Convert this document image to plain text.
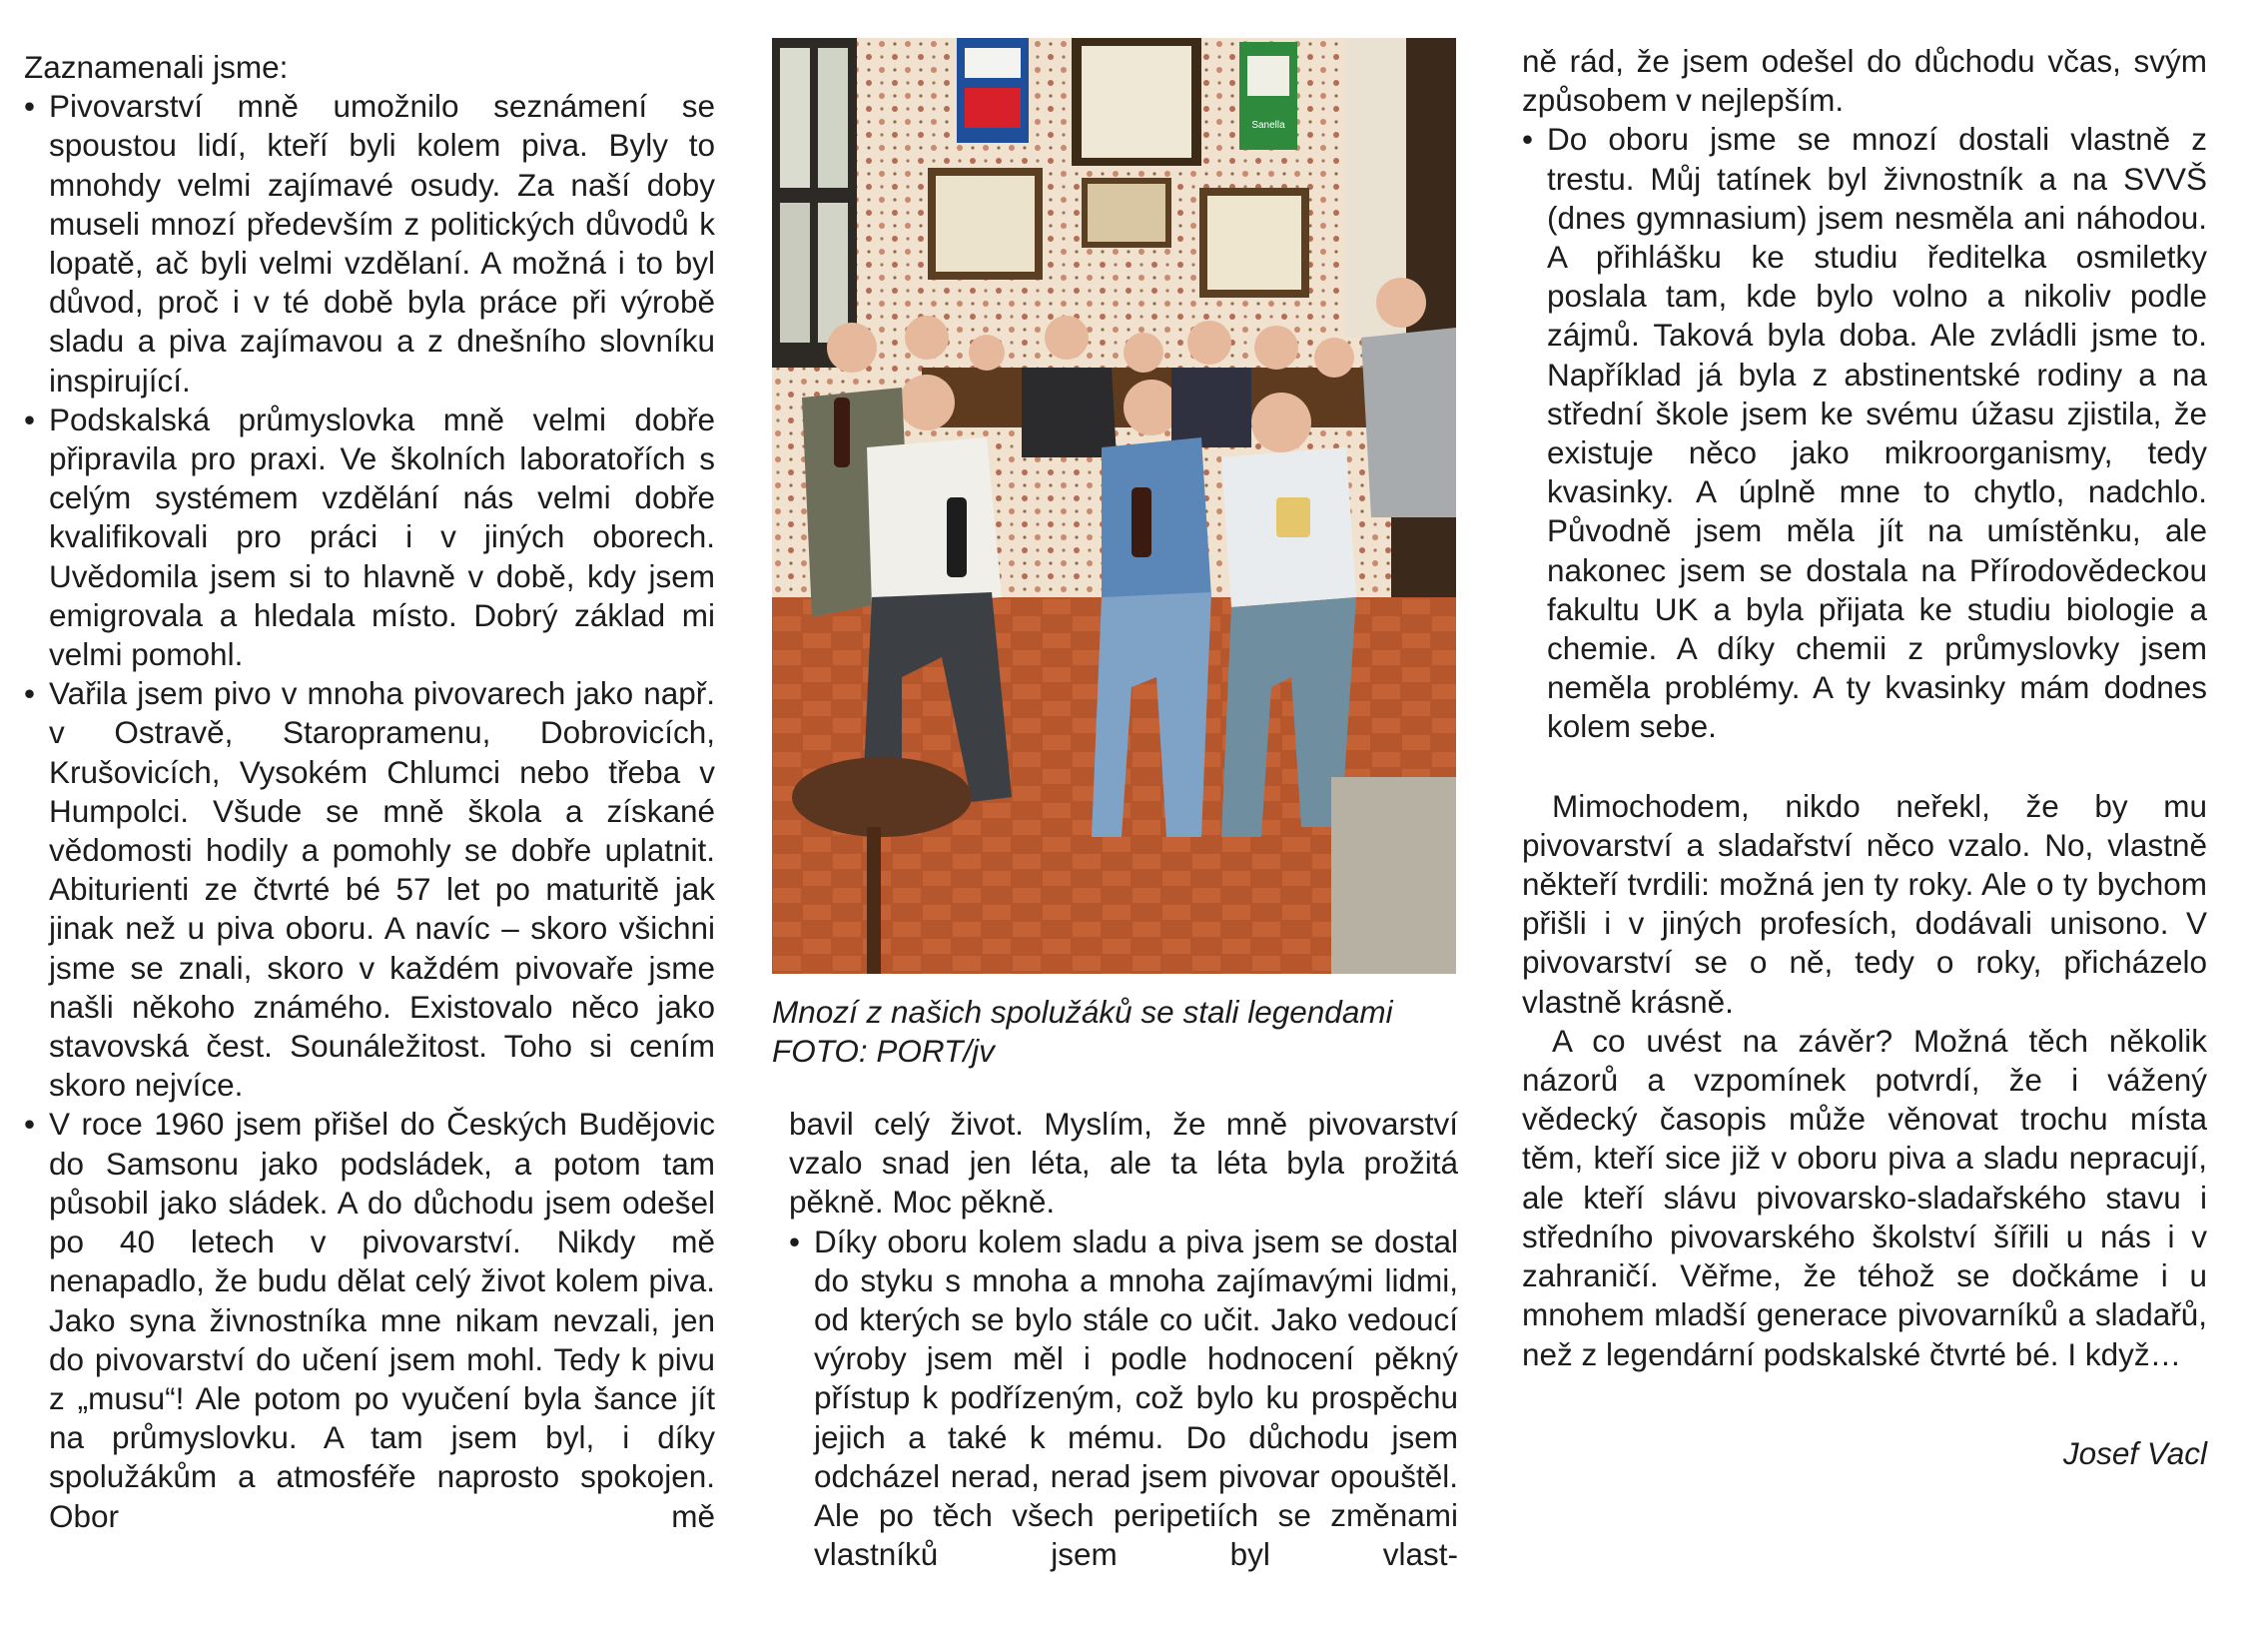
Zaznamenali jsme:

• Pivovarství mně umožnilo seznámení se spoustou lidí, kteří byli kolem piva. Byly to mnohdy velmi zajímavé osudy. Za naší doby museli mnozí především z politických důvodů k lopatě, ač byli velmi vzdělaní. A možná i to byl důvod, proč i v té době byla práce při výrobě sladu a piva zajímavou a z dnešního slovníku inspirující.
• Podskalská průmyslovka mně velmi dobře připravila pro praxi. Ve školních laboratořích s celým systémem vzdělání nás velmi dobře kvalifikovali pro práci i v jiných oborech. Uvědomila jsem si to hlavně v době, kdy jsem emigrovala a hledala místo. Dobrý základ mi velmi pomohl.
• Vařila jsem pivo v mnoha pivovarech jako např. v Ostravě, Staropramenu, Dobrovicích, Krušovicích, Vysokém Chlumci nebo třeba v Humpolci. Všude se mně škola a získané vědomosti hodily a pomohly se dobře uplatnit. Abiturienti ze čtvrté bé 57 let po maturitě jak jinak než u piva oboru. A navíc – skoro všichni jsme se znali, skoro v každém pivovaře jsme našli někoho známého. Existovalo něco jako stavovská čest. Sounáležitost. Toho si cením skoro nejvíce.
• V roce 1960 jsem přišel do Českých Budějovic do Samsonu jako podsládek, a potom tam působil jako sládek. A do důchodu jsem odešel po 40 letech v pivovarství. Nikdy mě nenapadlo, že budu dělat celý život kolem piva. Jako syna živnostníka mne nikam nevzali, jen do pivovarství do učení jsem mohl. Tedy k pivu z „musu“! Ale potom po vyučení byla šance jít na průmyslovku. A tam jsem byl, i díky spolužákům a atmosféře naprosto spokojen. Obor mě
Sanella
Mnozí z našich spolužáků se stali legendami
FOTO: PORT/jv

bavil celý život. Myslím, že mně pivovarství vzalo snad jen léta, ale ta léta byla prožitá pěkně. Moc pěkně.

• Díky oboru kolem sladu a piva jsem se dostal do styku s mnoha a mnoha zajímavými lidmi, od kterých se bylo stále co učit. Jako vedoucí výroby jsem měl i podle hodnocení pěkný přístup k podřízeným, což bylo ku prospěchu jejich a také k mému. Do důchodu jsem odcházel nerad, nerad jsem pivovar opouštěl. Ale po těch všech peripetiích se změnami vlastníků jsem byl vlast-

ně rád, že jsem odešel do důchodu včas, svým způsobem v nejlepším.

• Do oboru jsme se mnozí dostali vlastně z trestu. Můj tatínek byl živnostník a na SVVŠ (dnes gymnasium) jsem nesměla ani náhodou. A přihlášku ke studiu ředitelka osmiletky poslala tam, kde bylo volno a nikoliv podle zájmů. Taková byla doba. Ale zvládli jsme to. Například já byla z abstinentské rodiny a na střední škole jsem ke svému úžasu zjistila, že existuje něco jako mikroorganismy, tedy kvasinky. A úplně mne to chytlo, nadchlo. Původně jsem měla jít na umístěnku, ale nakonec jsem se dostala na Přírodovědeckou fakultu UK a byla přijata ke studiu biologie a chemie. A díky chemii z průmyslovky jsem neměla problémy. A ty kvasinky mám dodnes kolem sebe.

Mimochodem, nikdo neřekl, že by mu pivovarství a sladařství něco vzalo. No, vlastně někteří tvrdili: možná jen ty roky. Ale o ty bychom přišli i v jiných profesích, dodávali unisono. V pivovarství se o ně, tedy o roky, přicházelo vlastně krásně.

A co uvést na závěr? Možná těch několik názorů a vzpomínek potvrdí, že i vážený vědecký časopis může věnovat trochu místa těm, kteří sice již v oboru piva a sladu nepracují, ale kteří slávu pivovarsko-sladařského stavu i středního pivovarského školství šířili u nás i v zahraničí. Věřme, že téhož se dočkáme i u mnohem mladší generace pivovarníků a sladařů, než z legendární podskalské čtvrté bé. I když…

Josef Vacl
